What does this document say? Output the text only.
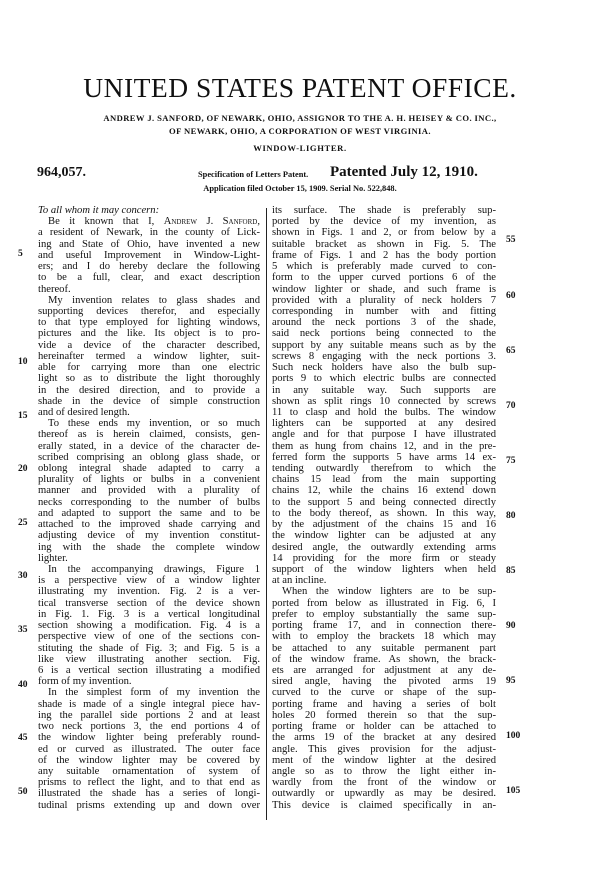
UNITED STATES PATENT OFFICE.
ANDREW J. SANFORD, OF NEWARK, OHIO, ASSIGNOR TO THE A. H. HEISEY & CO. INC.,
OF NEWARK, OHIO, A CORPORATION OF WEST VIRGINIA.
WINDOW-LIGHTER.
964,057.	Specification of Letters Patent. Patented July 12, 1910.
Application filed October 15, 1909. Serial No. 522,848.
To all whom it may concern:
Be it known that I, Andrew J. Sanford,
a resident of Newark, in the county of Lick-
ing and State of Ohio, have invented a new
and useful Improvement in Window-Light-
ers; and I do hereby declare the following
to be a full, clear, and exact description
thereof.
My invention relates to glass shades and
supporting devices therefor, and especially
to that type employed for lighting windows,
pictures and the like. Its object is to pro-
vide a device of the character described,
hereinafter termed a window lighter, suit-
able for carrying more than one electric
light so as to distribute the light thoroughly
in the desired direction, and to provide a
shade in the device of simple construction
and of desired length.
To these ends my invention, or so much
thereof as is herein claimed, consists, gen-
erally stated, in a device of the character de-
scribed comprising an oblong glass shade, or
oblong integral shade adapted to carry a
plurality of lights or bulbs in a convenient
manner and provided with a plurality of
necks corresponding to the number of bulbs
and adapted to support the same and to be
attached to the improved shade carrying and
adjusting device of my invention constitut-
ing with the shade the complete window
lighter.
In the accompanying drawings, Figure 1
is a perspective view of a window lighter
illustrating my invention. Fig. 2 is a ver-
tical transverse section of the device shown
in Fig. 1. Fig. 3 is a vertical longitudinal
section showing a modification. Fig. 4 is a
perspective view of one of the sections con-
stituting the shade of Fig. 3; and Fig. 5 is a
like view illustrating another section. Fig.
6 is a vertical section illustrating a modified
form of my invention.
In the simplest form of my invention the
shade is made of a single integral piece hav-
ing the parallel side portions 2 and at least
two neck portions 3, the end portions 4 of
the window lighter being preferably round-
ed or curved as illustrated. The outer face
of the window lighter may be covered by
any suitable ornamentation of system of
prisms to reflect the light, and to that end as
illustrated the shade has a series of longi-
tudinal prisms extending up and down over
its surface. The shade is preferably sup-
ported by the device of my invention, as
shown in Figs. 1 and 2, or from below by a
suitable bracket as shown in Fig. 5. The
frame of Figs. 1 and 2 has the body portion
5 which is preferably made curved to con-
form to the upper curved portions 6 of the
window lighter or shade, and such frame is
provided with a plurality of neck holders 7
corresponding in number with and fitting
around the neck portions 3 of the shade,
said neck portions being connected to the
support by any suitable means such as by the
screws 8 engaging with the neck portions 3.
Such neck holders have also the bulb sup-
ports 9 to which electric bulbs are connected
in any suitable way. Such supports are
shown as split rings 10 connected by screws
11 to clasp and hold the bulbs. The window
lighters can be supported at any desired
angle and for that purpose I have illustrated
them as hung from chains 12, and in the pre-
ferred form the supports 5 have arms 14 ex-
tending outwardly therefrom to which the
chains 15 lead from the main supporting
chains 12, while the chains 16 extend down
to the support 5 and being connected directly
to the body thereof, as shown. In this way,
by the adjustment of the chains 15 and 16
the window lighter can be adjusted at any
desired angle, the outwardly extending arms
14 providing for the more firm or steady
support of the window lighters when held
at an incline.
When the window lighters are to be sup-
ported from below as illustrated in Fig. 6, I
prefer to employ substantially the same sup-
porting frame 17, and in connection there-
with to employ the brackets 18 which may
be attached to any suitable permanent part
of the window frame. As shown, the brack-
ets are arranged for adjustment at any de-
sired angle, having the pivoted arms 19
curved to the curve or shape of the sup-
porting frame and having a series of bolt
holes 20 formed therein so that the sup-
porting frame or holder can be attached to
the arms 19 of the bracket at any desired
angle. This gives provision for the adjust-
ment of the window lighter at the desired
angle so as to throw the light either in-
wardly from the front of the window or
outwardly or upwardly as may be desired.
This device is claimed specifically in an-
5
10
15
20
25
30
35
40
45
50
55
60
65
70
75
80
85
90
95
100
105
